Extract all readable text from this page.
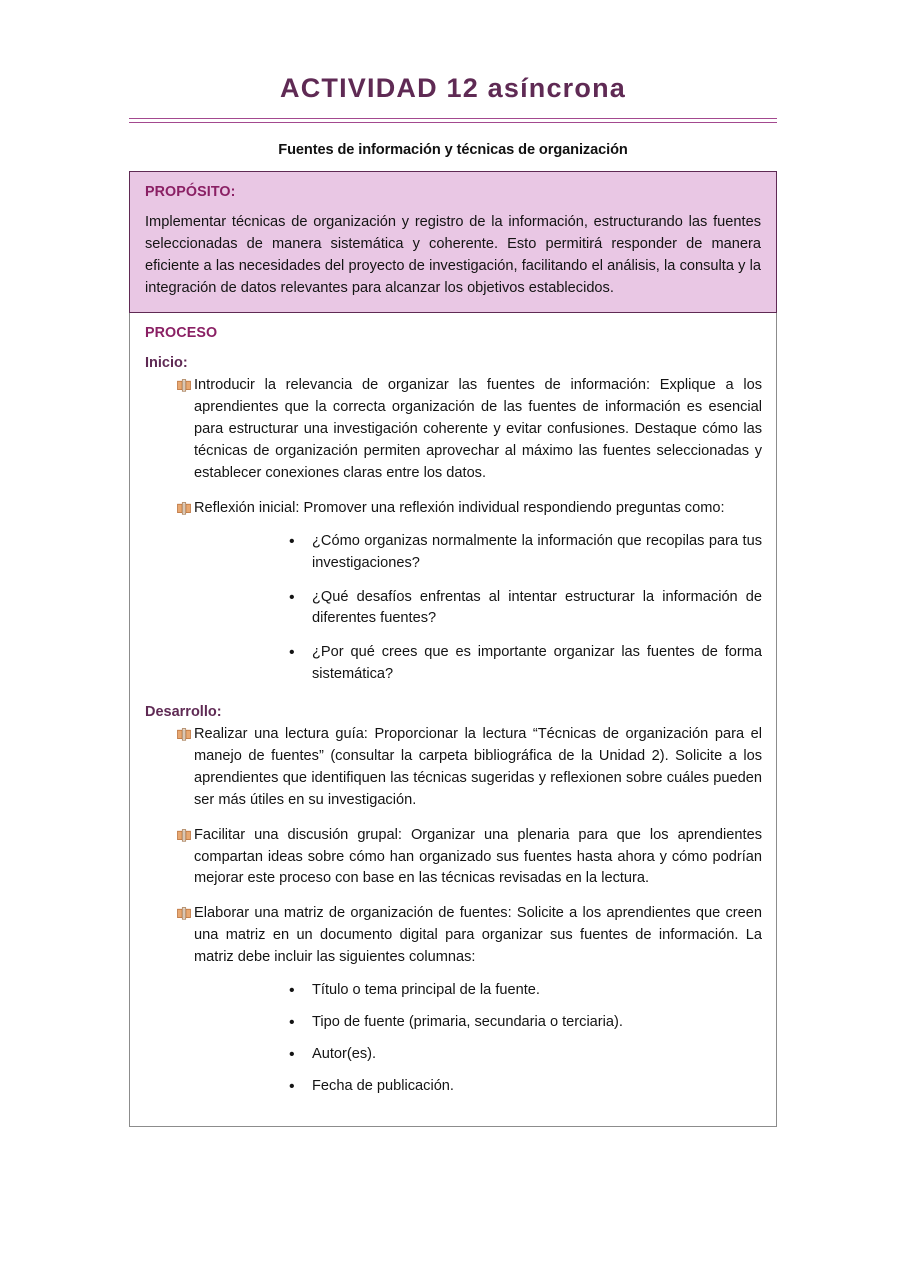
ACTIVIDAD 12 asíncrona
Fuentes de información y técnicas de organización
PROPÓSITO:
Implementar técnicas de organización y registro de la información, estructurando las fuentes seleccionadas de manera sistemática y coherente. Esto permitirá responder de manera eficiente a las necesidades del proyecto de investigación, facilitando el análisis, la consulta y la integración de datos relevantes para alcanzar los objetivos establecidos.
PROCESO
Inicio:
Introducir la relevancia de organizar las fuentes de información: Explique a los aprendientes que la correcta organización de las fuentes de información es esencial para estructurar una investigación coherente y evitar confusiones. Destaque cómo las técnicas de organización permiten aprovechar al máximo las fuentes seleccionadas y establecer conexiones claras entre los datos.
Reflexión inicial: Promover una reflexión individual respondiendo preguntas como:
• ¿Cómo organizas normalmente la información que recopilas para tus investigaciones?
• ¿Qué desafíos enfrentas al intentar estructurar la información de diferentes fuentes?
• ¿Por qué crees que es importante organizar las fuentes de forma sistemática?
Desarrollo:
Realizar una lectura guía: Proporcionar la lectura “Técnicas de organización para el manejo de fuentes” (consultar la carpeta bibliográfica de la Unidad 2). Solicite a los aprendientes que identifiquen las técnicas sugeridas y reflexionen sobre cuáles pueden ser más útiles en su investigación.
Facilitar una discusión grupal: Organizar una plenaria para que los aprendientes compartan ideas sobre cómo han organizado sus fuentes hasta ahora y cómo podrían mejorar este proceso con base en las técnicas revisadas en la lectura.
Elaborar una matriz de organización de fuentes: Solicite a los aprendientes que creen una matriz en un documento digital para organizar sus fuentes de información. La matriz debe incluir las siguientes columnas:
• Título o tema principal de la fuente.
• Tipo de fuente (primaria, secundaria o terciaria).
• Autor(es).
• Fecha de publicación.
